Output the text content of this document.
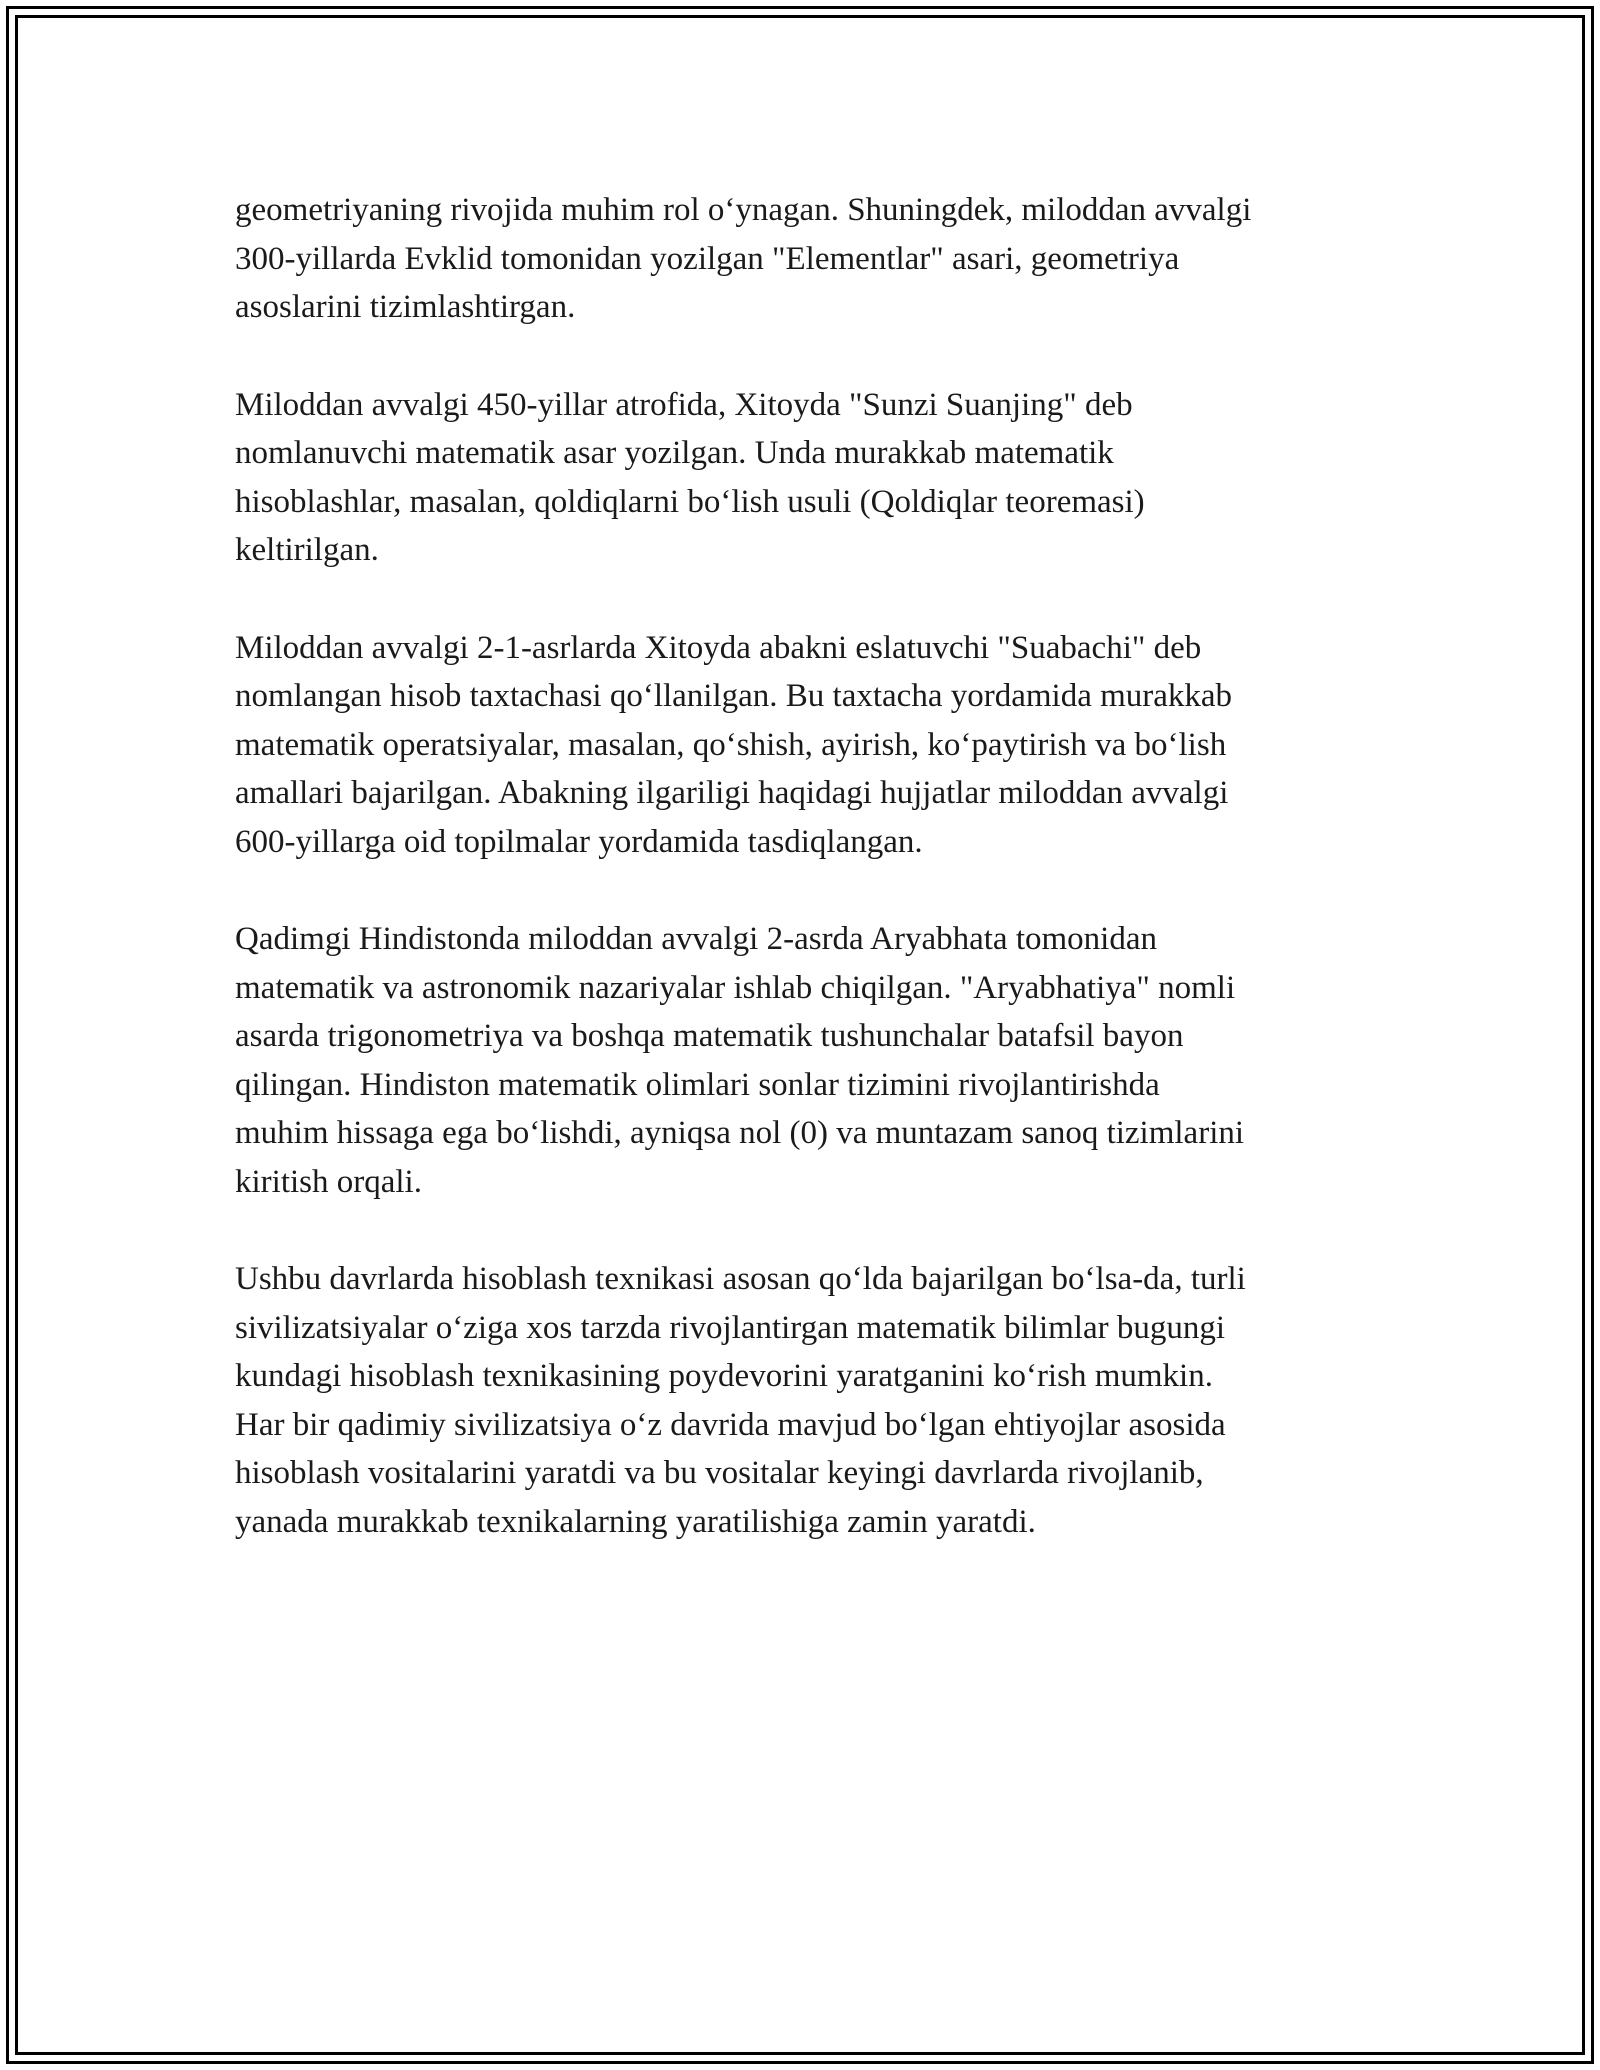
geometriyaning rivojida muhim rol o‘ynagan. Shuningdek, miloddan avvalgi
300-yillarda Evklid tomonidan yozilgan "Elementlar" asari, geometriya
asoslarini tizimlashtirgan.

Miloddan avvalgi 450-yillar atrofida, Xitoyda "Sunzi Suanjing" deb
nomlanuvchi matematik asar yozilgan. Unda murakkab matematik
hisoblashlar, masalan, qoldiqlarni bo‘lish usuli (Qoldiqlar teoremasi)
keltirilgan.

Miloddan avvalgi 2-1-asrlarda Xitoyda abakni eslatuvchi "Suabachi" deb
nomlangan hisob taxtachasi qo‘llanilgan. Bu taxtacha yordamida murakkab
matematik operatsiyalar, masalan, qo‘shish, ayirish, ko‘paytirish va bo‘lish
amallari bajarilgan. Abakning ilgariligi haqidagi hujjatlar miloddan avvalgi
600-yillarga oid topilmalar yordamida tasdiqlangan.

Qadimgi Hindistonda miloddan avvalgi 2-asrda Aryabhata tomonidan
matematik va astronomik nazariyalar ishlab chiqilgan. "Aryabhatiya" nomli
asarda trigonometriya va boshqa matematik tushunchalar batafsil bayon
qilingan. Hindiston matematik olimlari sonlar tizimini rivojlantirishda
muhim hissaga ega bo‘lishdi, ayniqsa nol (0) va muntazam sanoq tizimlarini
kiritish orqali.

Ushbu davrlarda hisoblash texnikasi asosan qo‘lda bajarilgan bo‘lsa-da, turli
sivilizatsiyalar o‘ziga xos tarzda rivojlantirgan matematik bilimlar bugungi
kundagi hisoblash texnikasining poydevorini yaratganini ko‘rish mumkin.
Har bir qadimiy sivilizatsiya o‘z davrida mavjud bo‘lgan ehtiyojlar asosida
hisoblash vositalarini yaratdi va bu vositalar keyingi davrlarda rivojlanib,
yanada murakkab texnikalarning yaratilishiga zamin yaratdi.
